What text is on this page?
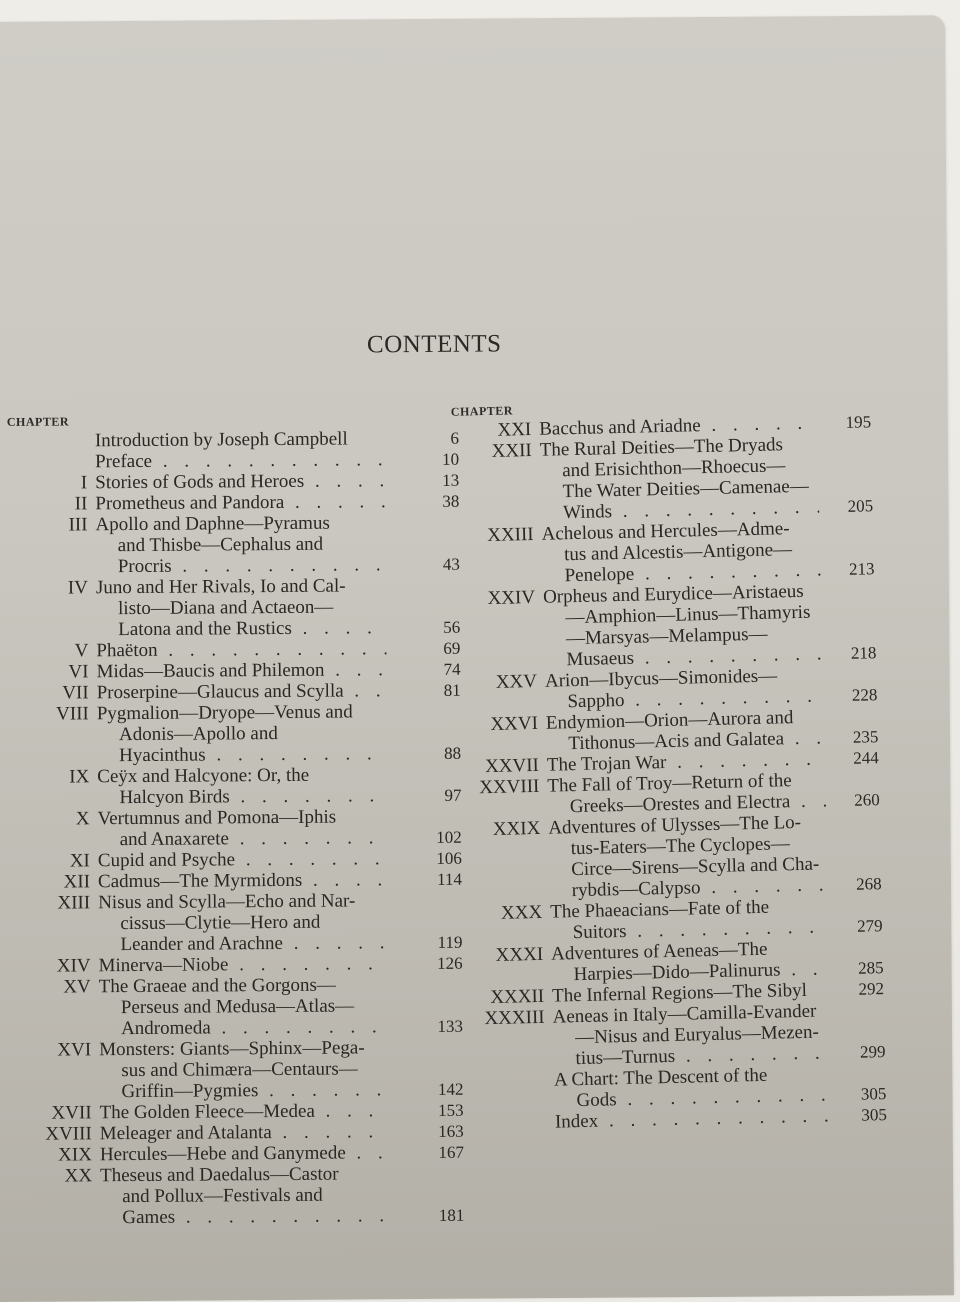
CONTENTS
CHAPTER
Introduction by Joseph Campbell	6
Preface . . .	10
I Stories of Gods and Heroes . . .	13
II Prometheus and Pandora . . .	38
III Apollo and Daphne—Pyramus
and Thisbe—Cephalus and
Procris . . .	43
IV Juno and Her Rivals, Io and Cal-
listo—Diana and Actaeon—
Latona and the Rustics . . .	56
V Phaëton . . .	69
VI Midas—Baucis and Philemon . . .	74
VII Proserpine—Glaucus and Scylla . . .	81
VIII Pygmalion—Dryope—Venus and
Adonis—Apollo and
Hyacinthus . . .	88
IX Ceÿx and Halcyone: Or, the
Halcyon Birds . . .	97
X Vertumnus and Pomona—Iphis
and Anaxarete . . .	102
XI Cupid and Psyche . . .	106
XII Cadmus—The Myrmidons . . .	114
XIII Nisus and Scylla—Echo and Nar-
cissus—Clytie—Hero and
Leander and Arachne . . .	119
XIV Minerva—Niobe . . .	126
XV The Graeae and the Gorgons—
Perseus and Medusa—Atlas—
Andromeda . . .	133
XVI Monsters: Giants—Sphinx—Pega-
sus and Chimæra—Centaurs—
Griffin—Pygmies . . .	142
XVII The Golden Fleece—Medea . . .	153
XVIII Meleager and Atalanta . . .	163
XIX Hercules—Hebe and Ganymede . . .	167
XX Theseus and Daedalus—Castor
and Pollux—Festivals and
Games . . .	181
CHAPTER
XXI Bacchus and Ariadne . . .	195
XXII The Rural Deities—The Dryads
and Erisichthon—Rhoecus—
The Water Deities—Camenae—
Winds . . .	205
XXIII Achelous and Hercules—Adme-
tus and Alcestis—Antigone—
Penelope . . .	213
XXIV Orpheus and Eurydice—Aristaeus
—Amphion—Linus—Thamyris
—Marsyas—Melampus—
Musaeus . . .	218
XXV Arion—Ibycus—Simonides—
Sappho . . .	228
XXVI Endymion—Orion—Aurora and
Tithonus—Acis and Galatea . . .	235
XXVII The Trojan War . . .	244
XXVIII The Fall of Troy—Return of the
Greeks—Orestes and Electra . . .	260
XXIX Adventures of Ulysses—The Lo-
tus-Eaters—The Cyclopes—
Circe—Sirens—Scylla and Cha-
rybdis—Calypso . . .	268
XXX The Phaeacians—Fate of the
Suitors . . .	279
XXXI Adventures of Aeneas—The
Harpies—Dido—Palinurus . . .	285
XXXII The Infernal Regions—The Sibyl	292
XXXIII Aeneas in Italy—Camilla-Evander
—Nisus and Euryalus—Mezen-
tius—Turnus . . .	299
A Chart: The Descent of the
Gods . . .	305
Index . . .	305
